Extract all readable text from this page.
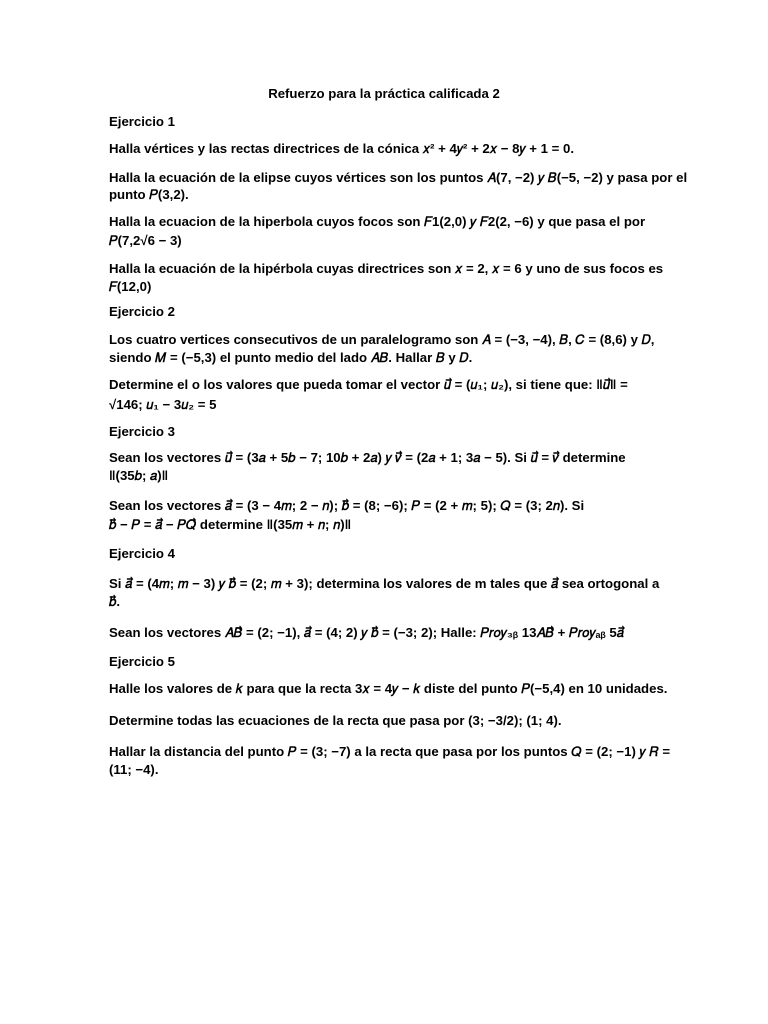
Refuerzo para la práctica calificada 2
Ejercicio 1
Halla vértices y las rectas directrices de la cónica 𝑥² + 4𝑦² + 2𝑥 − 8𝑦 + 1 = 0.
Halla la ecuación de la elipse cuyos vértices son los puntos 𝐴(7, −2) 𝑦 𝐵(−5, −2) y pasa por el
punto 𝑃(3,2).
Halla la ecuacion de la hiperbola cuyos focos son 𝐹1(2,0) 𝑦 𝐹2(2, −6) y que pasa el por
𝑃(7,2√6 − 3)
Halla la ecuación de la hipérbola cuyas directrices son 𝑥 = 2, 𝑥 = 6 y uno de sus focos es
𝐹(12,0)
Ejercicio 2
Los cuatro vertices consecutivos de un paralelogramo son 𝐴 = (−3, −4), 𝐵, 𝐶 = (8,6) y 𝐷,
siendo 𝑀 = (−5,3) el punto medio del lado 𝐴𝐵. Hallar 𝐵 y 𝐷.
Determine el o los valores que pueda tomar el vector 𝑢⃗ = (𝑢₁; 𝑢₂), si tiene que: ‖𝑢⃗‖ =
√146; 𝑢₁ − 3𝑢₂ = 5
Ejercicio 3
Sean los vectores 𝑢⃗ = (3𝑎 + 5𝑏 − 7; 10𝑏 + 2𝑎) 𝑦 𝑣⃗ = (2𝑎 + 1; 3𝑎 − 5). Si 𝑢⃗ = 𝑣⃗ determine
‖(35𝑏; 𝑎)‖
Sean los vectores 𝑎⃗ = (3 − 4𝑚; 2 − 𝑛); 𝑏⃗ = (8; −6); 𝑃 = (2 + 𝑚; 5); 𝑄 = (3; 2𝑛). Si
𝑏⃗ − 𝑃 = 𝑎⃗ − 𝑃𝑄⃗ determine ‖(35𝑚 + 𝑛; 𝑛)‖
Ejercicio 4
Si 𝑎⃗ = (4𝑚; 𝑚 − 3) 𝑦 𝑏⃗ = (2; 𝑚 + 3); determina los valores de m tales que 𝑎⃗ sea ortogonal a
𝑏⃗.
Sean los vectores 𝐴𝐵⃗ = (2; −1), 𝑎⃗ = (4; 2) 𝑦 𝑏⃗ = (−3; 2); Halle: 𝑃𝑟𝑜𝑦₃ᵦ 13𝐴𝐵⃗ + 𝑃𝑟𝑜𝑦ₐᵦ 5𝑎⃗
Ejercicio 5
Halle los valores de 𝑘 para que la recta 3𝑥 = 4𝑦 − 𝑘 diste del punto 𝑃(−5,4) en 10 unidades.
Determine todas las ecuaciones de la recta que pasa por (3; −3/2); (1; 4).
Hallar la distancia del punto 𝑃 = (3; −7) a la recta que pasa por los puntos 𝑄 = (2; −1) 𝑦 𝑅 =
(11; −4).
